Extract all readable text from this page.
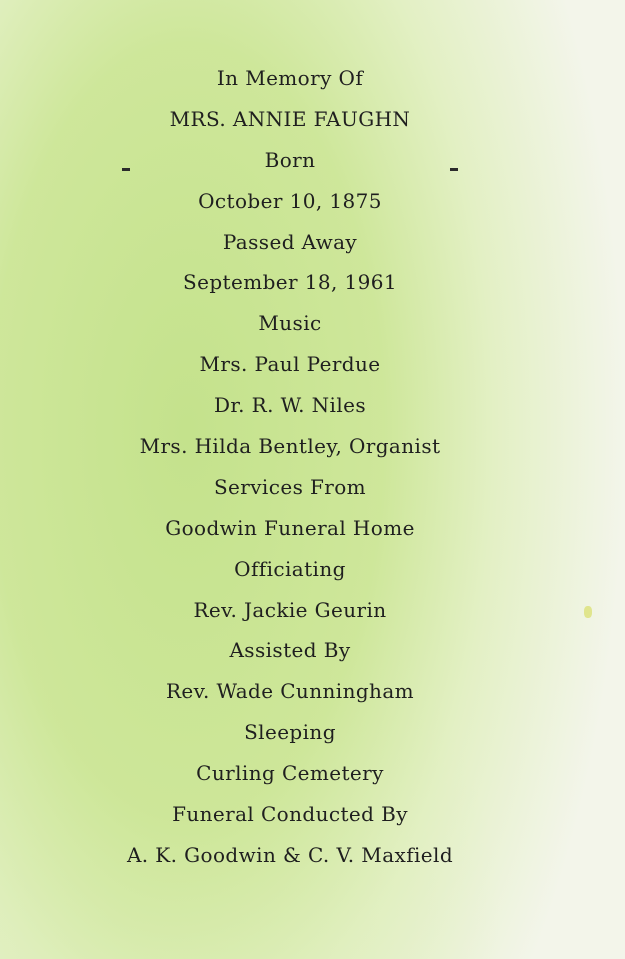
In Memory Of
MRS. ANNIE FAUGHN
Born
October 10, 1875
Passed Away
September 18, 1961
Music
Mrs. Paul Perdue
Dr. R. W. Niles
Mrs. Hilda Bentley, Organist
Services From
Goodwin Funeral Home
Officiating
Rev. Jackie Geurin
Assisted By
Rev. Wade Cunningham
Sleeping
Curling Cemetery
Funeral Conducted By
A. K. Goodwin & C. V. Maxfield
